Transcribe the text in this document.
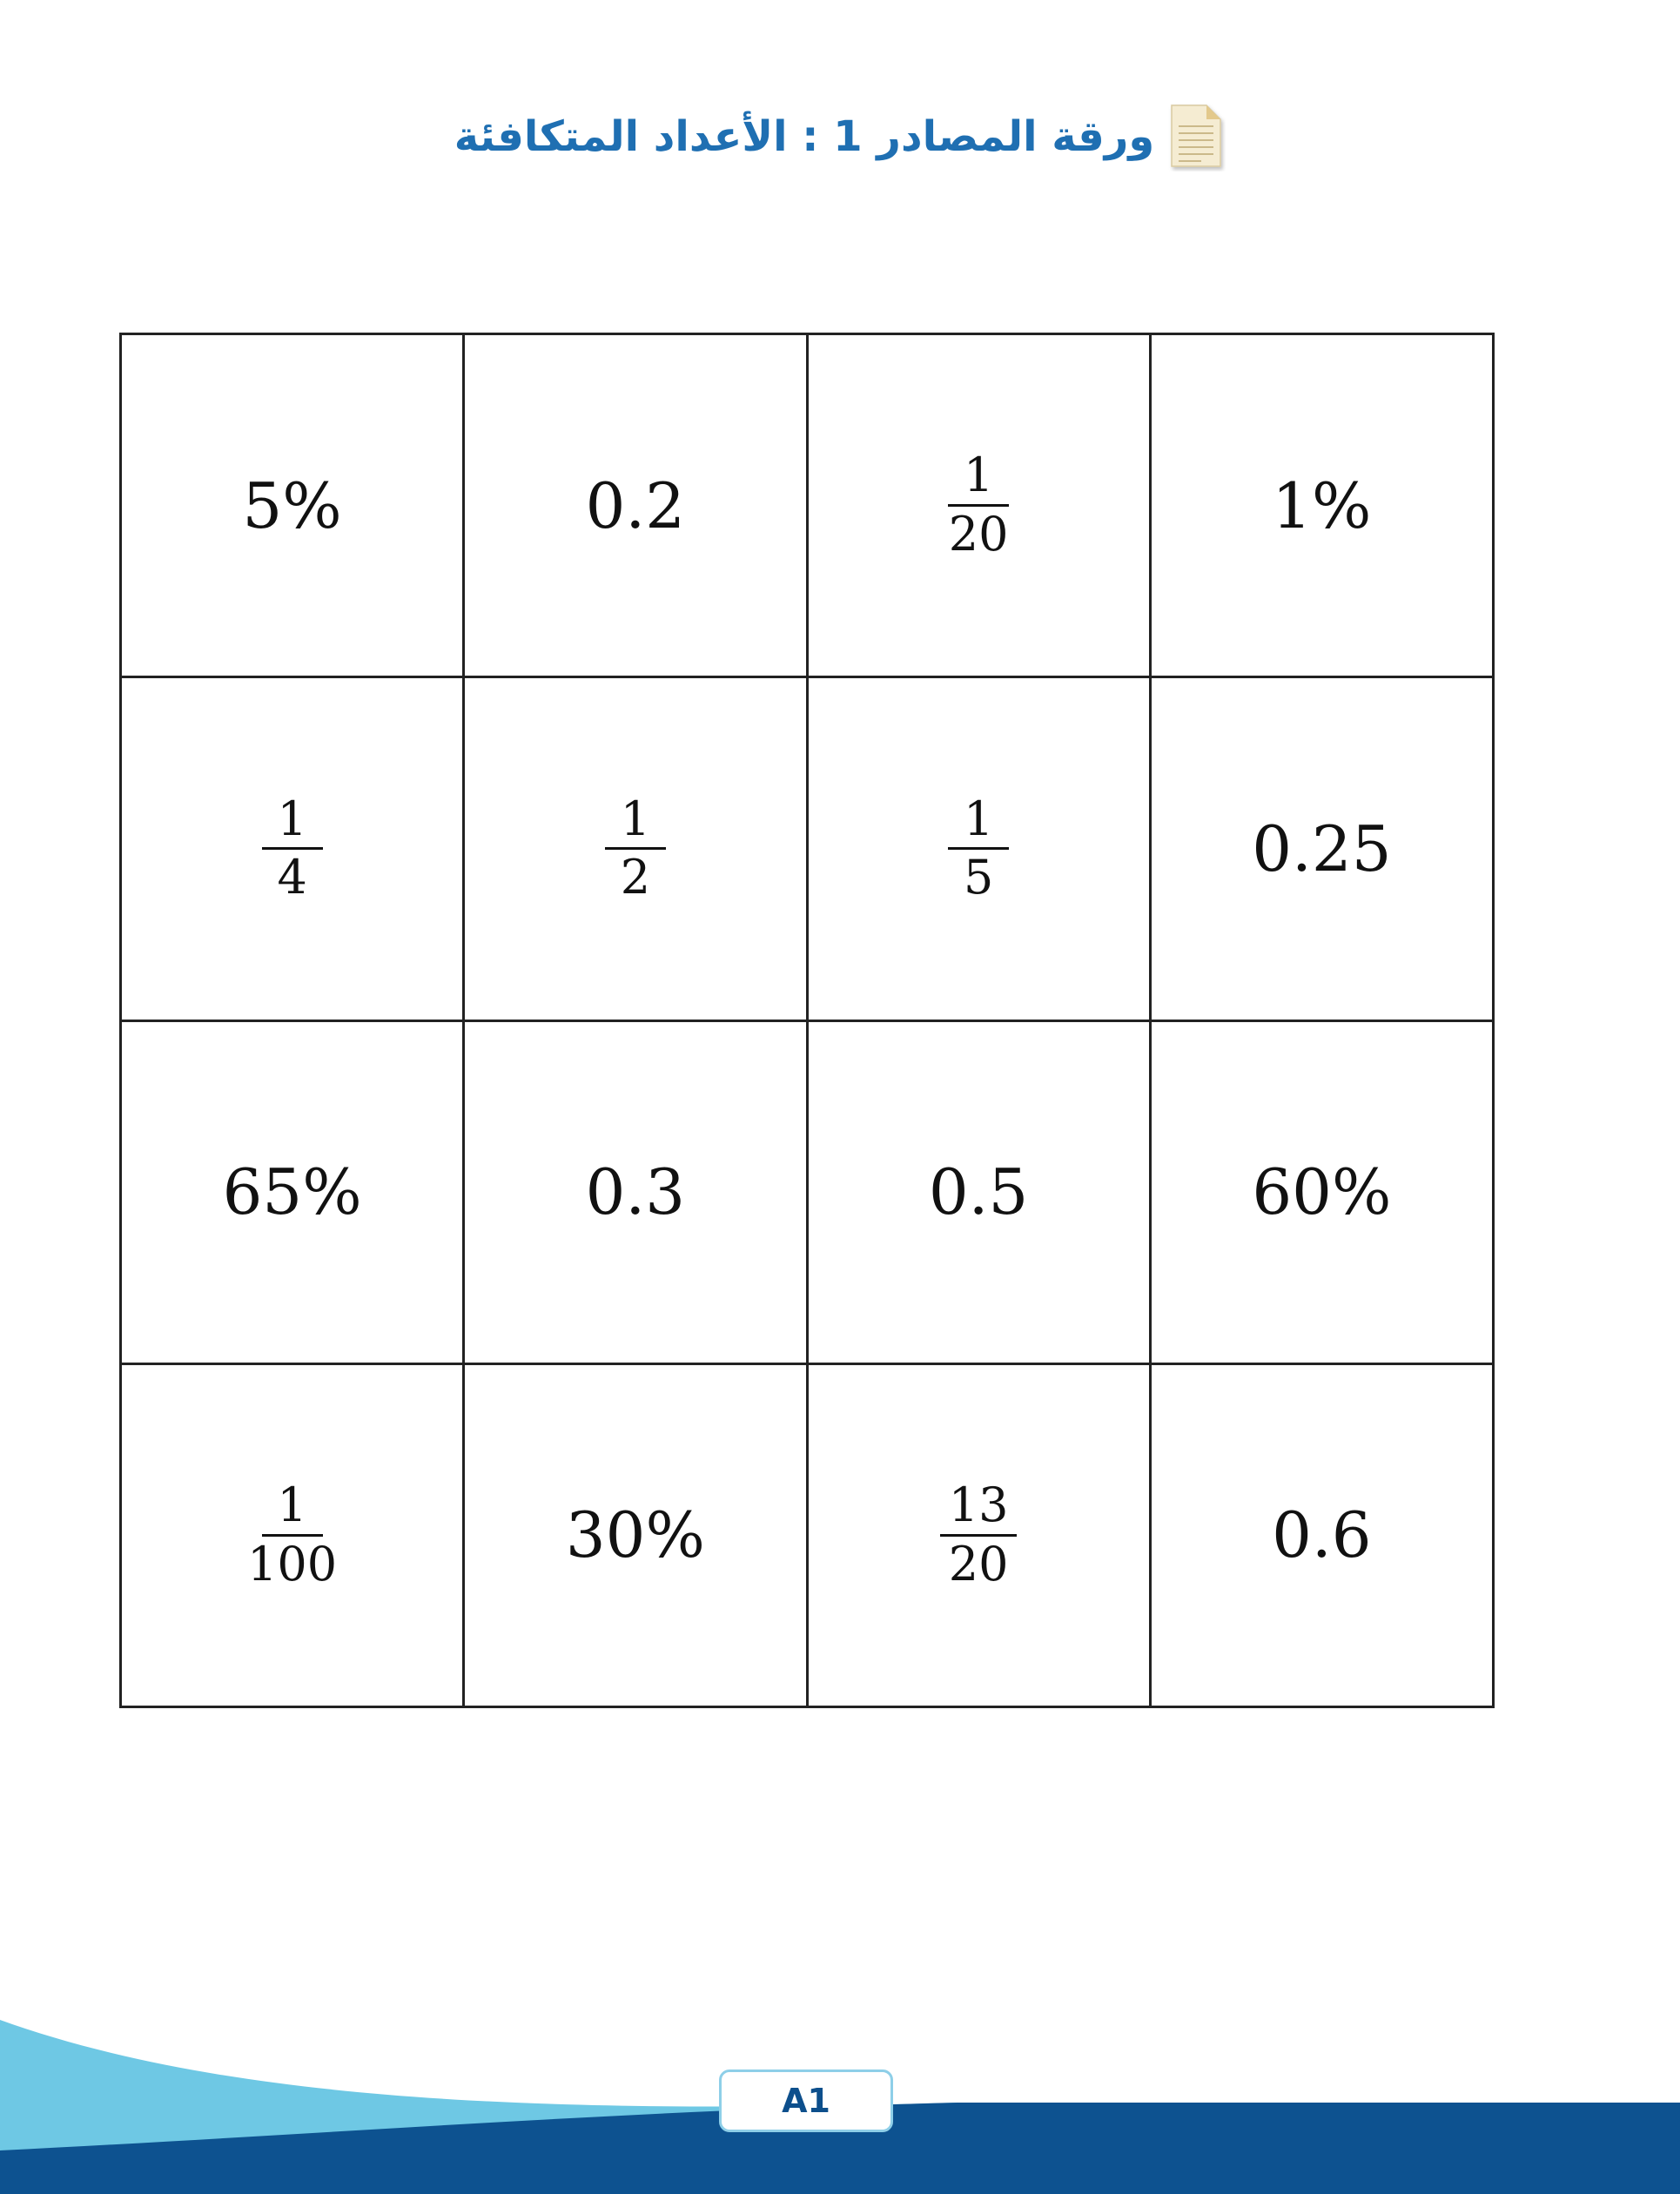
ورقة المصادر 1 : الأعداد المتكافئة
5%	0.2	$\frac{1}{20}$	1%
$\frac{1}{4}$	$\frac{1}{2}$	$\frac{1}{5}$	0.25
65%	0.3	0.5	60%
$\frac{1}{100}$	30%	$\frac{13}{20}$	0.6
A1
